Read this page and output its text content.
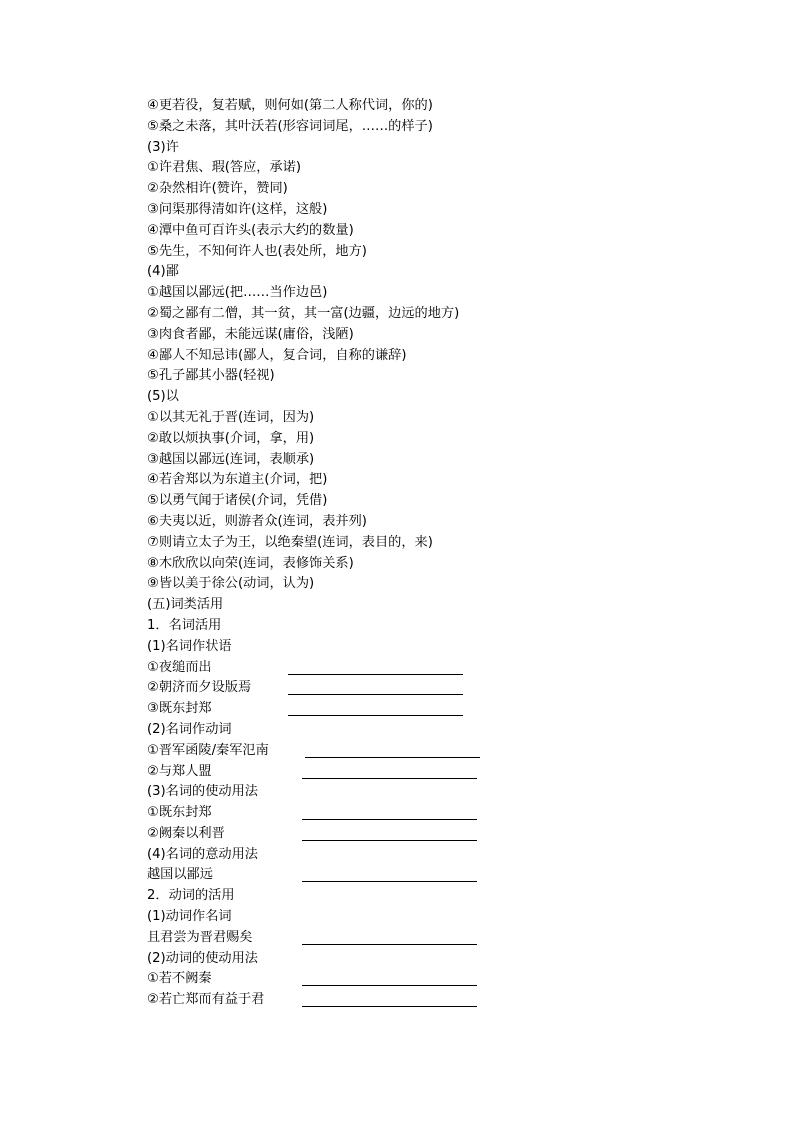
④更若役，复若赋，则何如(第二人称代词，你的)
⑤桑之未落，其叶沃若(形容词词尾，……的样子)
(3)许
①许君焦、瑕(答应，承诺)
②杂然相许(赞许，赞同)
③问渠那得清如许(这样，这般)
④潭中鱼可百许头(表示大约的数量)
⑤先生，不知何许人也(表处所，地方)
(4)鄙
①越国以鄙远(把……当作边邑)
②蜀之鄙有二僧，其一贫，其一富(边疆，边远的地方)
③肉食者鄙，未能远谋(庸俗，浅陋)
④鄙人不知忌讳(鄙人，复合词，自称的谦辞)
⑤孔子鄙其小器(轻视)
(5)以
①以其无礼于晋(连词，因为)
②敢以烦执事(介词，拿，用)
③越国以鄙远(连词，表顺承)
④若舍郑以为东道主(介词，把)
⑤以勇气闻于诸侯(介词，凭借)
⑥夫夷以近，则游者众(连词，表并列)
⑦则请立太子为王，以绝秦望(连词，表目的，来)
⑧木欣欣以向荣(连词，表修饰关系)
⑨皆以美于徐公(动词，认为)
(五)词类活用
1．名词活用
(1)名词作状语
①夜缒而出
②朝济而夕设版焉
③既东封郑
(2)名词作动词
①晋军函陵/秦军氾南
②与郑人盟
(3)名词的使动用法
①既东封郑
②阙秦以利晋
(4)名词的意动用法
越国以鄙远
2．动词的活用
(1)动词作名词
且君尝为晋君赐矣
(2)动词的使动用法
①若不阙秦
②若亡郑而有益于君
